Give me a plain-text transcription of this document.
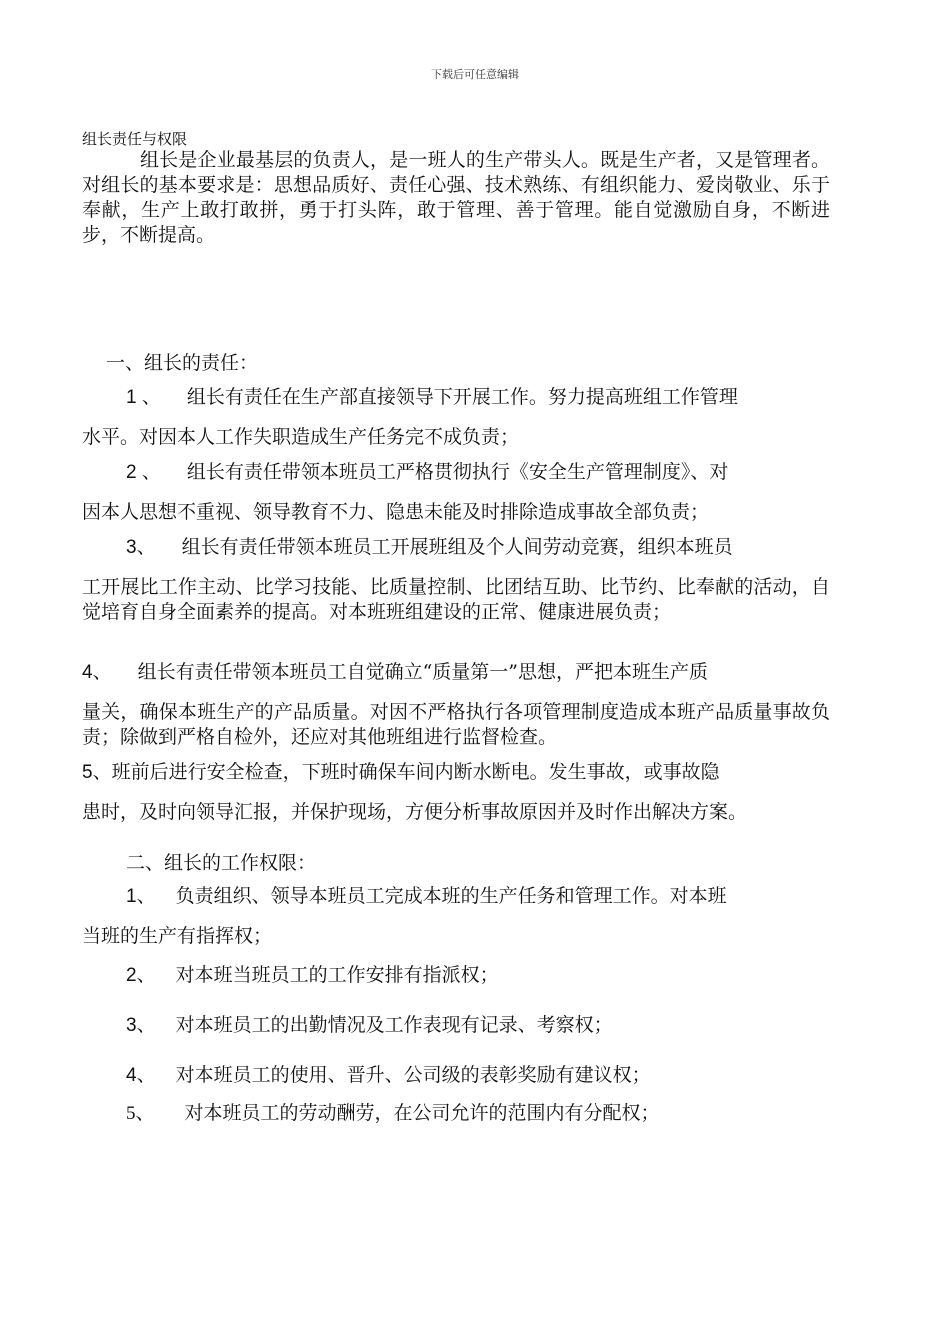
下载后可任意编辑
组长责任与权限

组长是企业最基层的负责人，是一班人的生产带头人。既是生产者，又是管理者。对组长的基本要求是：思想品质好、责任心强、技术熟练、有组织能力、爱岗敬业、乐于奉献，生产上敢打敢拼，勇于打头阵，敢于管理、善于管理。能自觉激励自身，不断进步，不断提高。

一、组长的责任：
1 、 组长有责任在生产部直接领导下开展工作。努力提高班组工作管理
水平。对因本人工作失职造成生产任务完不成负责；
2 、 组长有责任带领本班员工严格贯彻执行《安全生产管理制度》、对
因本人思想不重视、领导教育不力、隐患未能及时排除造成事故全部负责；
3、 组长有责任带领本班员工开展班组及个人间劳动竞赛，组织本班员
工开展比工作主动、比学习技能、比质量控制、比团结互助、比节约、比奉献的活动，自觉培育自身全面素养的提高。对本班班组建设的正常、健康进展负责；
4、 组长有责任带领本班员工自觉确立“质量第一”思想，严把本班生产质
量关，确保本班生产的产品质量。对因不严格执行各项管理制度造成本班产品质量事故负责；除做到严格自检外，还应对其他班组进行监督检查。
5、班前后进行安全检查，下班时确保车间内断水断电。发生事故，或事故隐
患时，及时向领导汇报，并保护现场，方便分析事故原因并及时作出解决方案。
二、组长的工作权限：
1、 负责组织、领导本班员工完成本班的生产任务和管理工作。对本班
当班的生产有指挥权；
2、 对本班当班员工的工作安排有指派权；
3、 对本班员工的出勤情况及工作表现有记录、考察权；
4、 对本班员工的使用、晋升、公司级的表彰奖励有建议权；
5、 对本班员工的劳动酬劳，在公司允许的范围内有分配权；
